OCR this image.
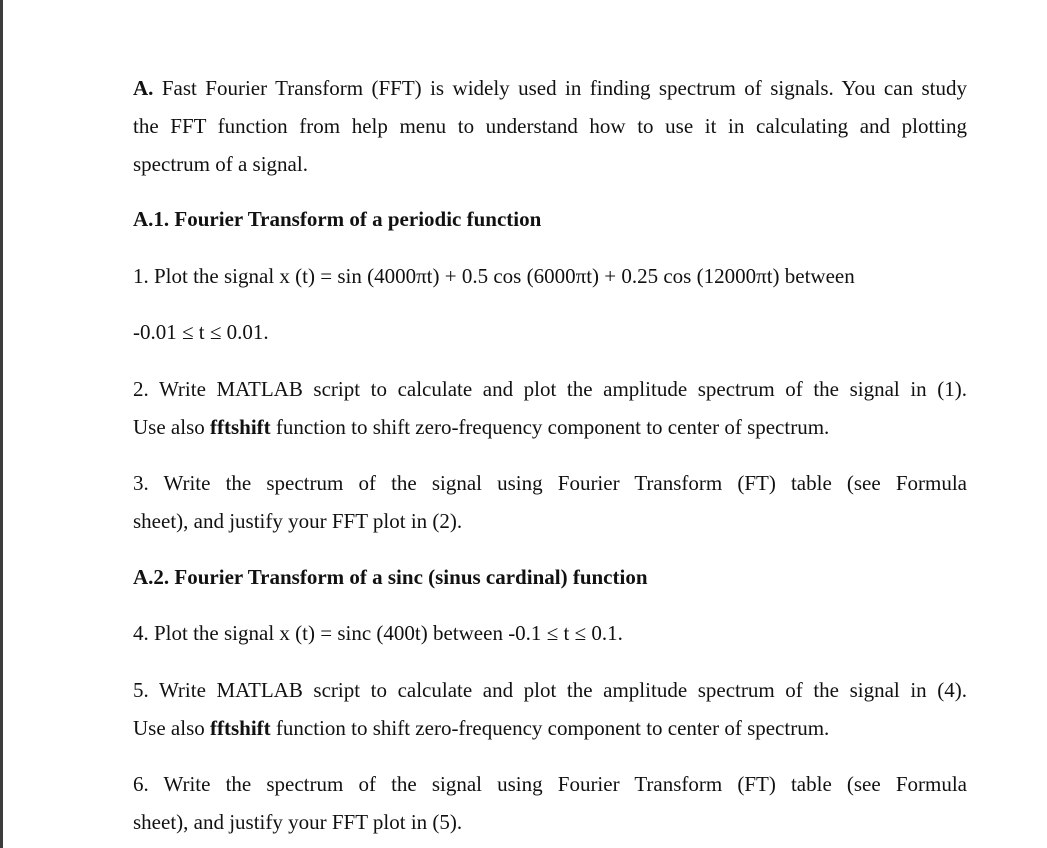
A. Fast Fourier Transform (FFT) is widely used in finding spectrum of signals. You can study
the FFT function from help menu to understand how to use it in calculating and plotting
spectrum of a signal.
A.1. Fourier Transform of a periodic function
1. Plot the signal x (t) = sin (4000πt) + 0.5 cos (6000πt) + 0.25 cos (12000πt) between
-0.01 ≤ t ≤ 0.01.
2. Write MATLAB script to calculate and plot the amplitude spectrum of the signal in (1).
Use also fftshift function to shift zero-frequency component to center of spectrum.
3. Write the spectrum of the signal using Fourier Transform (FT) table (see Formula
sheet), and justify your FFT plot in (2).
A.2. Fourier Transform of a sinc (sinus cardinal) function
4. Plot the signal x (t) = sinc (400t) between -0.1 ≤ t ≤ 0.1.
5. Write MATLAB script to calculate and plot the amplitude spectrum of the signal in (4).
Use also fftshift function to shift zero-frequency component to center of spectrum.
6. Write the spectrum of the signal using Fourier Transform (FT) table (see Formula
sheet), and justify your FFT plot in (5).
